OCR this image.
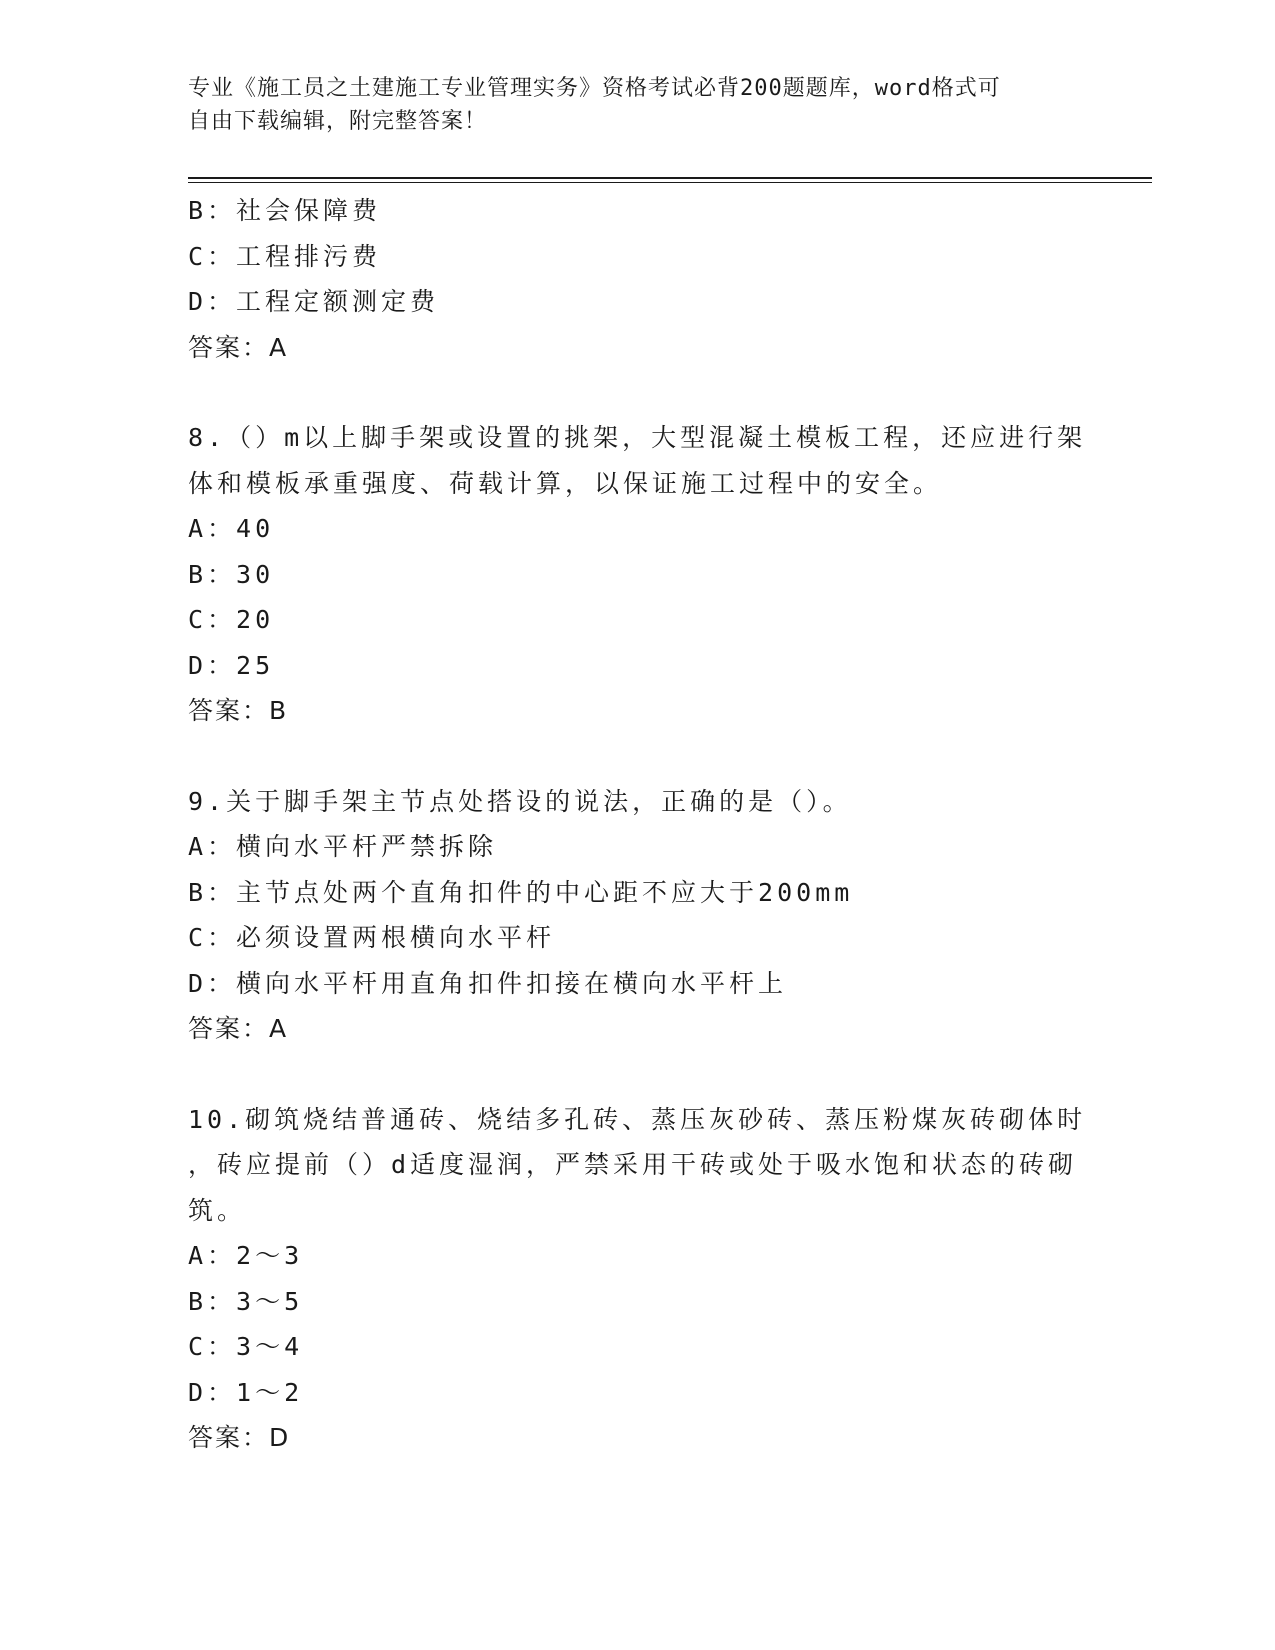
专业《施工员之土建施工专业管理实务》资格考试必背200题题库，word格式可
自由下载编辑，附完整答案！
B：社会保障费
C：工程排污费
D：工程定额测定费
答案：A
8.（）m以上脚手架或设置的挑架，大型混凝土模板工程，还应进行架
体和模板承重强度、荷载计算，以保证施工过程中的安全。
A：40
B：30
C：20
D：25
答案：B
9.关于脚手架主节点处搭设的说法，正确的是（）。
A：横向水平杆严禁拆除
B：主节点处两个直角扣件的中心距不应大于200mm
C：必须设置两根横向水平杆
D：横向水平杆用直角扣件扣接在横向水平杆上
答案：A
10.砌筑烧结普通砖、烧结多孔砖、蒸压灰砂砖、蒸压粉煤灰砖砌体时
，砖应提前（）d适度湿润，严禁采用干砖或处于吸水饱和状态的砖砌
筑。
A：2～3
B：3～5
C：3～4
D：1～2
答案：D
